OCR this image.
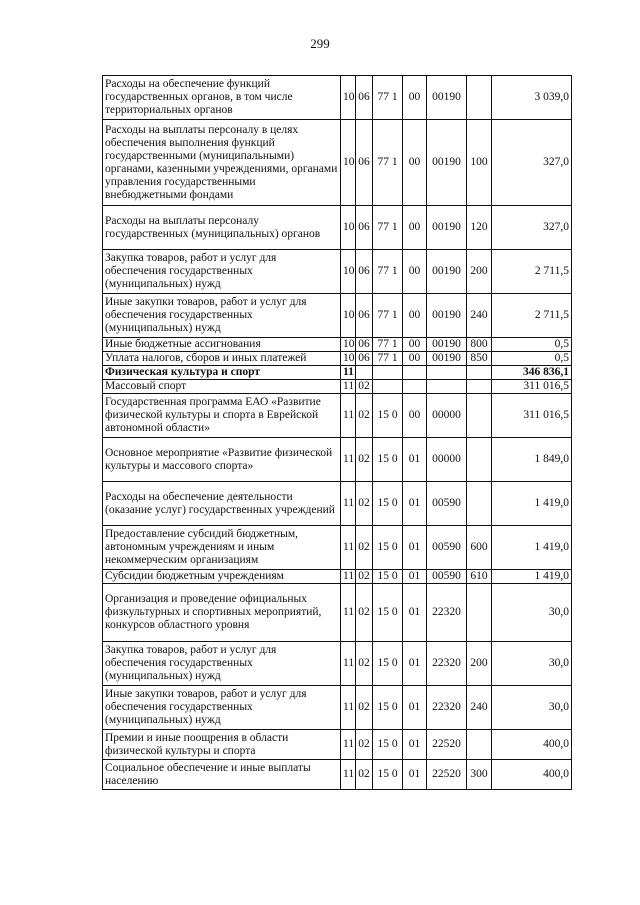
299
Расходы на обеспечение функций государственных органов, в том числе территориальных органов	10	06	77 1	00	00190		3 039,0
Расходы на выплаты персоналу в целях обеспечения выполнения функций государственными (муниципальными) органами, казенными учреждениями, органами управления государственными внебюджетными фондами	10	06	77 1	00	00190	100	327,0
Расходы на выплаты персоналу государственных (муниципальных) органов	10	06	77 1	00	00190	120	327,0
Закупка товаров, работ и услуг для обеспечения государственных (муниципальных) нужд	10	06	77 1	00	00190	200	2 711,5
Иные закупки товаров, работ и услуг для обеспечения государственных (муниципальных) нужд	10	06	77 1	00	00190	240	2 711,5
Иные бюджетные ассигнования	10	06	77 1	00	00190	800	0,5
Уплата налогов, сборов и иных платежей	10	06	77 1	00	00190	850	0,5
Физическая культура и спорт	11						346 836,1
Массовый спорт	11	02					311 016,5
Государственная программа ЕАО «Развитие физической культуры и спорта в Еврейской автономной области»	11	02	15 0	00	00000		311 016,5
Основное мероприятие «Развитие физической культуры и массового спорта»	11	02	15 0	01	00000		1 849,0
Расходы на обеспечение деятельности (оказание услуг) государственных учреждений	11	02	15 0	01	00590		1 419,0
Предоставление субсидий бюджетным, автономным учреждениям и иным некоммерческим организациям	11	02	15 0	01	00590	600	1 419,0
Субсидии бюджетным учреждениям	11	02	15 0	01	00590	610	1 419,0
Организация и проведение официальных физкультурных и спортивных мероприятий, конкурсов областного уровня	11	02	15 0	01	22320		30,0
Закупка товаров, работ и услуг для обеспечения государственных (муниципальных) нужд	11	02	15 0	01	22320	200	30,0
Иные закупки товаров, работ и услуг для обеспечения государственных (муниципальных) нужд	11	02	15 0	01	22320	240	30,0
Премии и иные поощрения в области физической культуры и спорта	11	02	15 0	01	22520		400,0
Социальное обеспечение и иные выплаты населению	11	02	15 0	01	22520	300	400,0
